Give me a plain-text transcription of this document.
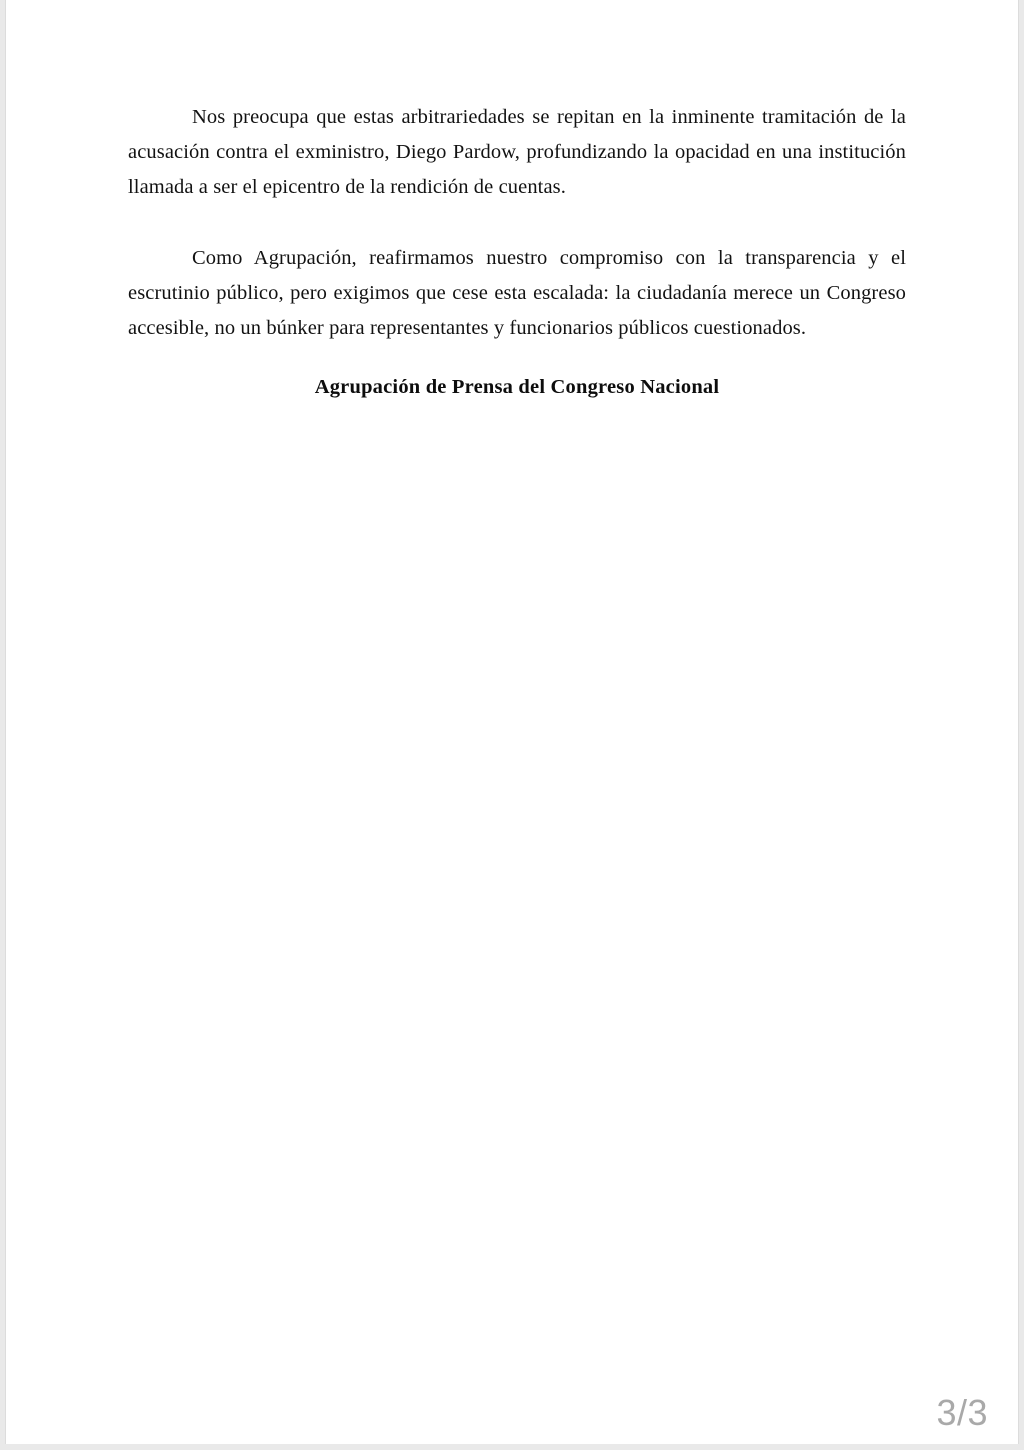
Nos preocupa que estas arbitrariedades se repitan en la inminente tramitación de la acusación contra el exministro, Diego Pardow, profundizando la opacidad en una institución llamada a ser el epicentro de la rendición de cuentas.

Como Agrupación, reafirmamos nuestro compromiso con la transparencia y el escrutinio público, pero exigimos que cese esta escalada: la ciudadanía merece un Congreso accesible, no un búnker para representantes y funcionarios públicos cuestionados.

Agrupación de Prensa del Congreso Nacional
3/3
